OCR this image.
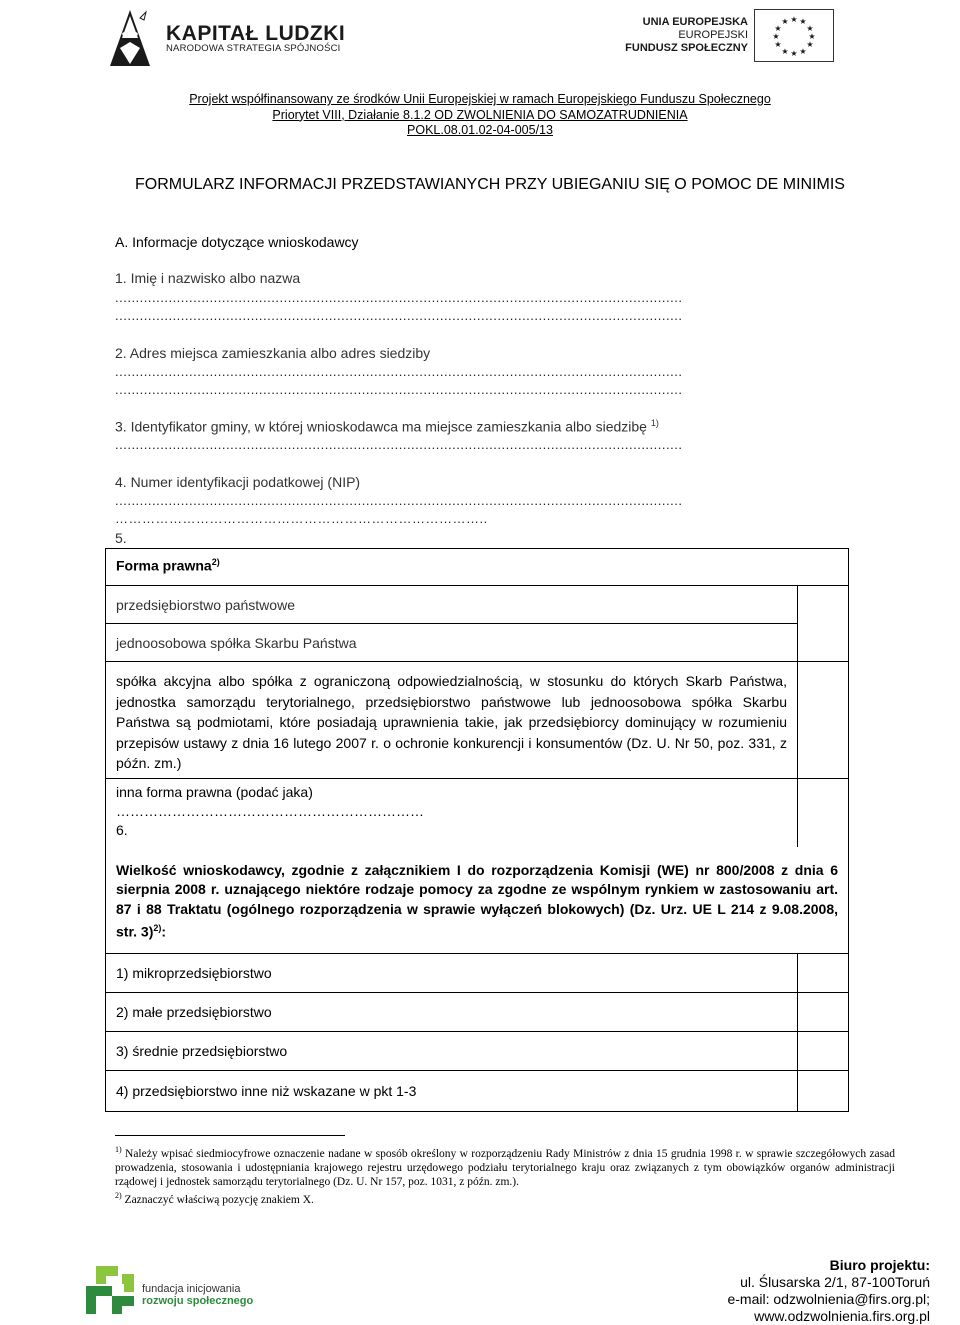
KAPITAŁ LUDZKI
NARODOWA STRATEGIA SPÓJNOŚCI
UNIA EUROPEJSKA
EUROPEJSKI
FUNDUSZ SPOŁECZNY
★ ★
★
★
★
★
★
★
★
★
★
★
Projekt współfinansowany ze środków Unii Europejskiej w ramach Europejskiego Funduszu Społecznego
Priorytet VIII, Działanie 8.1.2 OD ZWOLNIENIA DO SAMOZATRUDNIENIA
POKL.08.01.02-04-005/13
FORMULARZ INFORMACJI PRZEDSTAWIANYCH PRZY UBIEGANIU SIĘ O POMOC DE MINIMIS
A. Informacje dotyczące wnioskodawcy
1. Imię i nazwisko albo nazwa
..........................................................................................................................................
..........................................................................................................................................
2. Adres miejsca zamieszkania albo adres siedziby
..........................................................................................................................................
..........................................................................................................................................
3. Identyfikator gminy, w której wnioskodawca ma miejsce zamieszkania albo siedzibę $^{1)}$
..........................................................................................................................................
4. Numer identyfikacji podatkowej (NIP)
..........................................................................................................................................
………………………………………………………………………..
5.
Forma prawna$^{2)}$

przedsiębiorstwo państwowe	

jednoosobowa spółka Skarbu Państwa	

spółka akcyjna albo spółka z ograniczoną odpowiedzialnością, w stosunku do których Skarb Państwa, jednostka samorządu terytorialnego, przedsiębiorstwo państwowe lub jednoosobowa spółka Skarbu Państwa są podmiotami, które posiadają uprawnienia takie, jak przedsiębiorcy dominujący w rozumieniu przepisów ustawy z dnia 16 lutego 2007 r. o ochronie konkurencji i konsumentów (Dz. U. Nr 50, poz. 331, z późn. zm.)	

inna forma prawna (podać jaka)
…………………………………………………………
6.	

Wielkość wnioskodawcy, zgodnie z załącznikiem I do rozporządzenia Komisji (WE) nr 800/2008 z dnia 6 sierpnia 2008 r. uznającego niektóre rodzaje pomocy za zgodne ze wspólnym rynkiem w zastosowaniu art. 87 i 88 Traktatu (ogólnego rozporządzenia w sprawie wyłączeń blokowych) (Dz. Urz. UE L 214 z 9.08.2008, str. 3)$^{2)}$:	

1) mikroprzedsiębiorstwo	

2) małe przedsiębiorstwo	

3) średnie przedsiębiorstwo	

4) przedsiębiorstwo inne niż wskazane w pkt 1-3	

$^{1)}$ Należy wpisać siedmiocyfrowe oznaczenie nadane w sposób określony w rozporządzeniu Rady Ministrów z dnia 15 grudnia 1998 r. w sprawie szczegółowych zasad prowadzenia, stosowania i udostępniania krajowego rejestru urzędowego podziału terytorialnego kraju oraz związanych z tym obowiązków organów administracji rządowej i jednostek samorządu terytorialnego (Dz. U. Nr 157, poz. 1031, z późn. zm.).
$^{2)}$ Zaznaczyć właściwą pozycję znakiem X.
fundacja inicjowania
rozwoju społecznego
Biuro projektu:
ul. Ślusarska 2/1, 87-100Toruń
e-mail: odzwolnienia@firs.org.pl;
www.odzwolnienia.firs.org.pl
